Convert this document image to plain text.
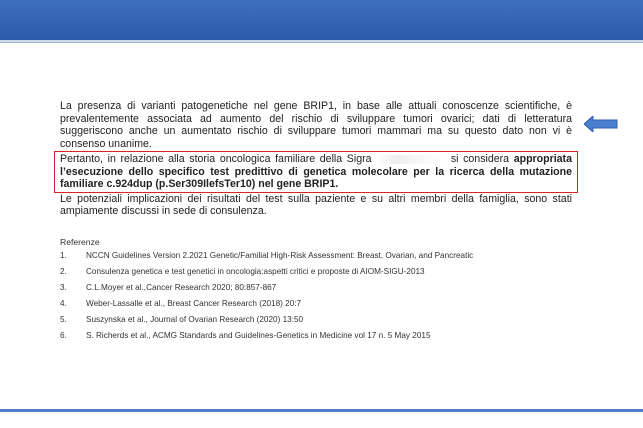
La presenza di varianti patogenetiche nel gene BRIP1, in base alle attuali conoscenze scientifiche, è prevalentemente associata ad aumento del rischio di sviluppare tumori ovarici; dati di letteratura suggeriscono anche un aumentato rischio di sviluppare tumori mammari ma su questo dato non vi è consenso unanime.

Pertanto, in relazione alla storia oncologica familiare della Sigra	si considera appropriata l’esecuzione dello specifico test predittivo di genetica molecolare per la ricerca della mutazione familiare c.924dup (p.Ser309IlefsTer10) nel gene BRIP1.

Le potenziali implicazioni dei risultati del test sulla paziente e su altri membri della famiglia, sono stati ampiamente discussi in sede di consulenza.

Referenze
1.	NCCN Guidelines Version 2.2021 Genetic/Familial High-Risk Assessment: Breast, Ovarian, and Pancreatic
2.	Consulenza genetica e test genetici in oncologia:aspetti critici e proposte di AIOM-SIGU-2013
3.	C.L.Moyer et al.,Cancer Research 2020; 80:857-867
4.	Weber-Lassalle et al., Breast Cancer Research (2018) 20:7
5.	Suszynska et al., Journal of Ovarian Research (2020) 13:50
6.	S. Richerds et al., ACMG Standards and Guidelines-Genetics in Medicine vol 17 n. 5 May 2015
